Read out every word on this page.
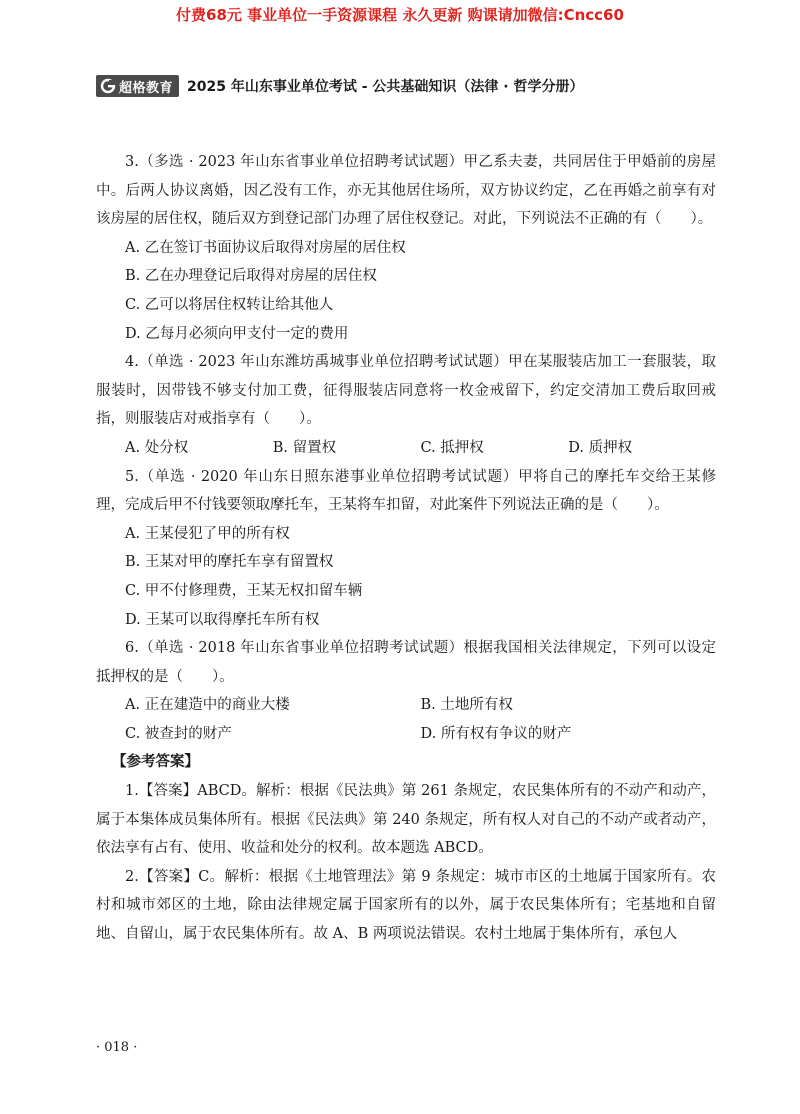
付费68元 事业单位一手资源课程 永久更新 购课请加微信:Cncc60
超格教育 2025 年山东事业单位考试 - 公共基础知识（法律 · 哲学分册）

3.（多选 · 2023 年山东省事业单位招聘考试试题）甲乙系夫妻，共同居住于甲婚前的房屋中。后两人协议离婚，因乙没有工作，亦无其他居住场所，双方协议约定，乙在再婚之前享有对该房屋的居住权，随后双方到登记部门办理了居住权登记。对此，下列说法不正确的有（　　）。

A. 乙在签订书面协议后取得对房屋的居住权

B. 乙在办理登记后取得对房屋的居住权

C. 乙可以将居住权转让给其他人

D. 乙每月必须向甲支付一定的费用

4.（单选 · 2023 年山东潍坊禹城事业单位招聘考试试题）甲在某服装店加工一套服装，取服装时，因带钱不够支付加工费，征得服装店同意将一枚金戒留下，约定交清加工费后取回戒指，则服装店对戒指享有（　　）。

A. 处分权	B. 留置权	C. 抵押权	D. 质押权

5.（单选 · 2020 年山东日照东港事业单位招聘考试试题）甲将自己的摩托车交给王某修理，完成后甲不付钱要领取摩托车，王某将车扣留，对此案件下列说法正确的是（　　）。

A. 王某侵犯了甲的所有权

B. 王某对甲的摩托车享有留置权

C. 甲不付修理费，王某无权扣留车辆

D. 王某可以取得摩托车所有权

6.（单选 · 2018 年山东省事业单位招聘考试试题）根据我国相关法律规定，下列可以设定抵押权的是（　　）。

A. 正在建造中的商业大楼	B. 土地所有权
C. 被查封的财产	D. 所有权有争议的财产

【参考答案】

1.【答案】ABCD。解析：根据《民法典》第 261 条规定，农民集体所有的不动产和动产，属于本集体成员集体所有。根据《民法典》第 240 条规定，所有权人对自己的不动产或者动产，依法享有占有、使用、收益和处分的权利。故本题选 ABCD。

2.【答案】C。解析：根据《土地管理法》第 9 条规定：城市市区的土地属于国家所有。农村和城市郊区的土地，除由法律规定属于国家所有的以外，属于农民集体所有；宅基地和自留地、自留山，属于农民集体所有。故 A、B 两项说法错误。农村土地属于集体所有，承包人

· 018 ·
